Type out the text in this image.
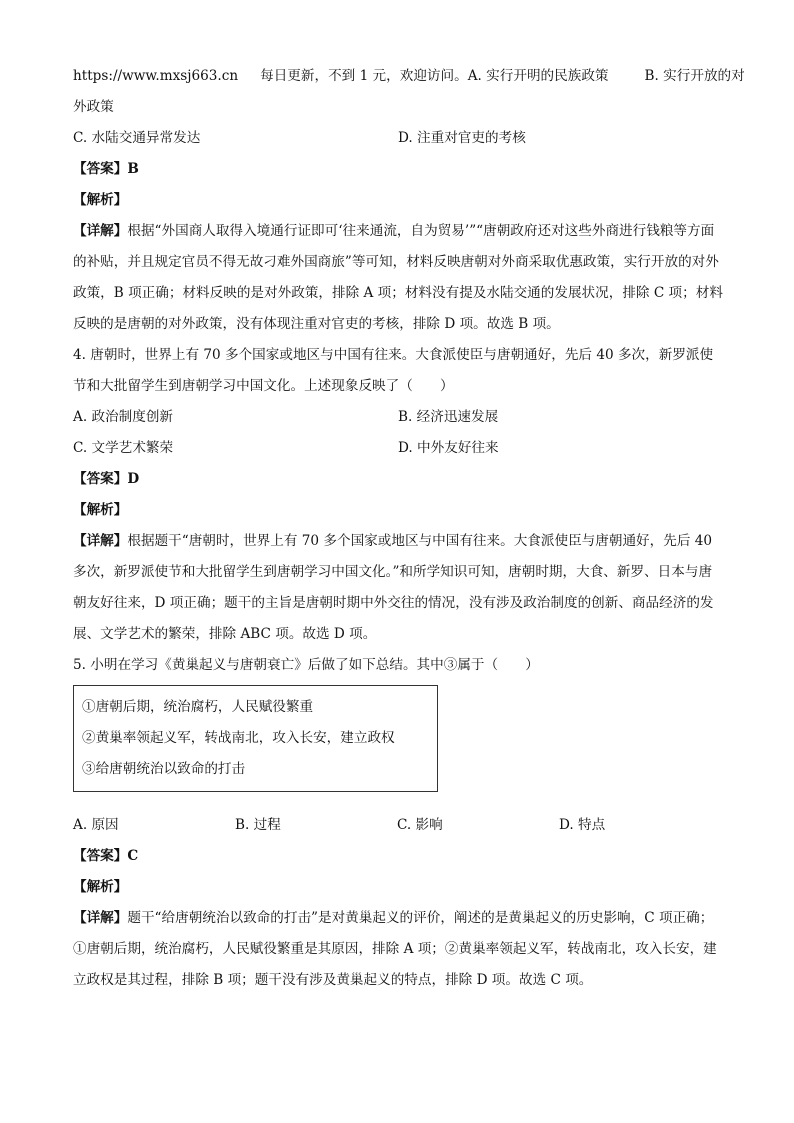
https://www.mxsj663.cn 每日更新，不到 1 元，欢迎访问。A. 实行开明的民族政策	B. 实行开放的对
外政策
C. 水陆交通异常发达	D. 注重对官吏的考核
【答案】B
【解析】
【详解】根据“外国商人取得入境通行证即可‘往来通流，自为贸易’”“唐朝政府还对这些外商进行钱粮等方面的补贴，并且规定官员不得无故刁难外国商旅”等可知，材料反映唐朝对外商采取优惠政策，实行开放的对外政策，B 项正确；材料反映的是对外政策，排除 A 项；材料没有提及水陆交通的发展状况，排除 C 项；材料反映的是唐朝的对外政策，没有体现注重对官吏的考核，排除 D 项。故选 B 项。
4. 唐朝时，世界上有 70 多个国家或地区与中国有往来。大食派使臣与唐朝通好，先后 40 多次，新罗派使节和大批留学生到唐朝学习中国文化。上述现象反映了（　　）
A. 政治制度创新	B. 经济迅速发展
C. 文学艺术繁荣	D. 中外友好往来
【答案】D
【解析】
【详解】根据题干“唐朝时，世界上有 70 多个国家或地区与中国有往来。大食派使臣与唐朝通好，先后 40 多次，新罗派使节和大批留学生到唐朝学习中国文化。”和所学知识可知，唐朝时期，大食、新罗、日本与唐朝友好往来，D 项正确；题干的主旨是唐朝时期中外交往的情况，没有涉及政治制度的创新、商品经济的发展、文学艺术的繁荣，排除 ABC 项。故选 D 项。
5. 小明在学习《黄巢起义与唐朝衰亡》后做了如下总结。其中③属于（　　）
①唐朝后期，统治腐朽，人民赋役繁重
②黄巢率领起义军，转战南北，攻入长安，建立政权
③给唐朝统治以致命的打击
A. 原因	B. 过程	C. 影响	D. 特点
【答案】C
【解析】
【详解】题干“给唐朝统治以致命的打击”是对黄巢起义的评价，阐述的是黄巢起义的历史影响，C 项正确；①唐朝后期，统治腐朽，人民赋役繁重是其原因，排除 A 项；②黄巢率领起义军，转战南北，攻入长安，建立政权是其过程，排除 B 项；题干没有涉及黄巢起义的特点，排除 D 项。故选 C 项。
